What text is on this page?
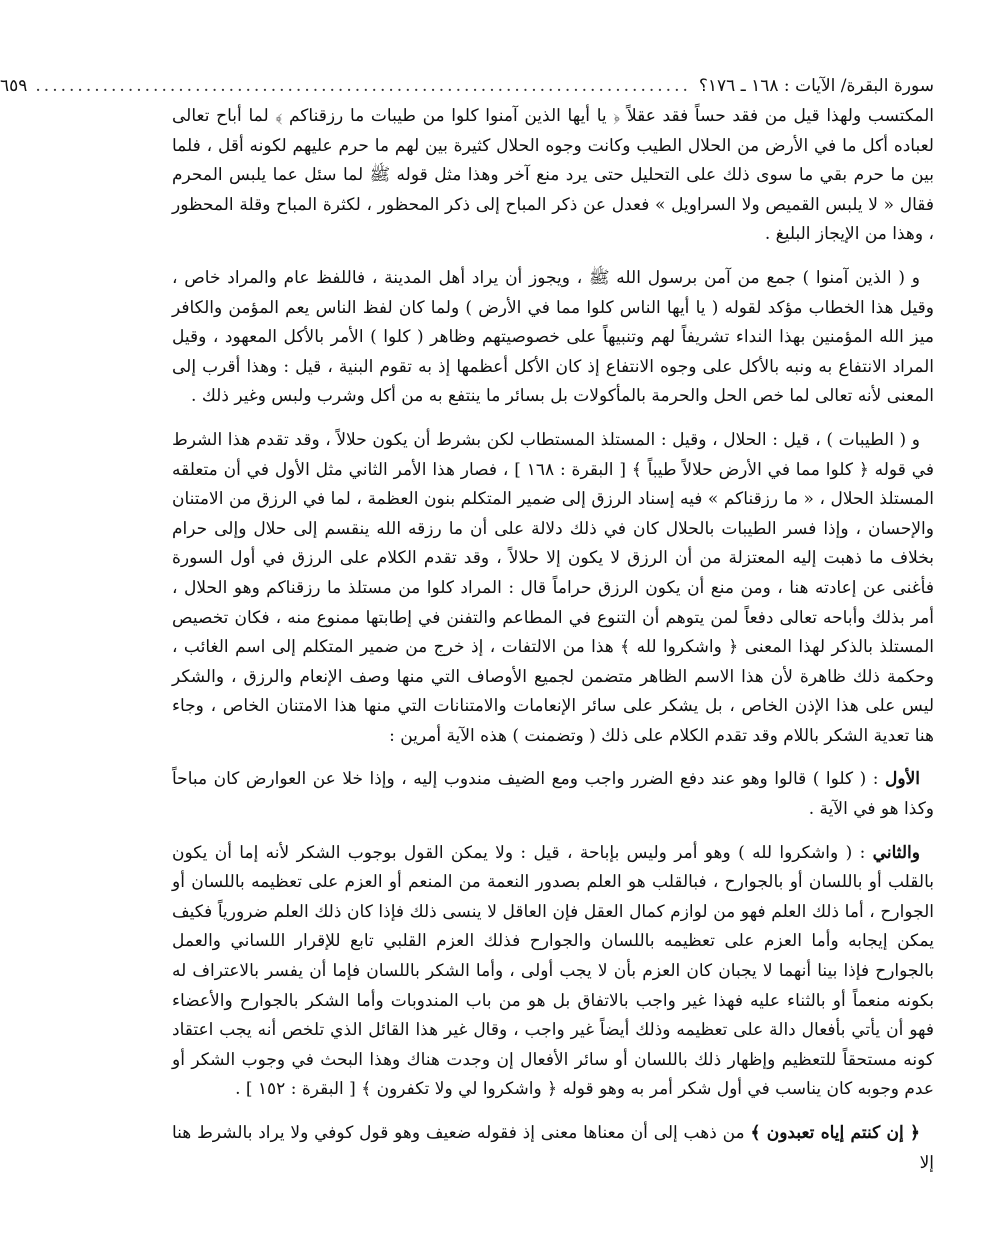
سورة البقرة/ الآيات : ١٦٨ ـ ١٧٦؟
..............................................................................
٦٥٩

المكتسب ولهذا قيل من فقد حساً فقد عقلاً ﴿ يا أيها الذين آمنوا كلوا من طيبات ما رزقناكم ﴾ لما أباح تعالى لعباده أكل ما في الأرض من الحلال الطيب وكانت وجوه الحلال كثيرة بين لهم ما حرم عليهم لكونه أقل ، فلما بين ما حرم بقي ما سوى ذلك على التحليل حتى يرد منع آخر وهذا مثل قوله ﷺ لما سئل عما يلبس المحرم فقال « لا يلبس القميص ولا السراويل » فعدل عن ذكر المباح إلى ذكر المحظور ، لكثرة المباح وقلة المحظور ، وهذا من الإيجاز البليغ .

و ( الذين آمنوا ) جمع من آمن برسول الله ﷺ ، ويجوز أن يراد أهل المدينة ، فاللفظ عام والمراد خاص ، وقيل هذا الخطاب مؤكد لقوله ( يا أيها الناس كلوا مما في الأرض ) ولما كان لفظ الناس يعم المؤمن والكافر ميز الله المؤمنين بهذا النداء تشريفاً لهم وتنبيهاً على خصوصيتهم وظاهر ( كلوا ) الأمر بالأكل المعهود ، وقيل المراد الانتفاع به ونبه بالأكل على وجوه الانتفاع إذ كان الأكل أعظمها إذ به تقوم البنية ، قيل : وهذا أقرب إلى المعنى لأنه تعالى لما خص الحل والحرمة بالمأكولات بل بسائر ما ينتفع به من أكل وشرب ولبس وغير ذلك .

و ( الطيبات ) ، قيل : الحلال ، وقيل : المستلذ المستطاب لكن بشرط أن يكون حلالاً ، وقد تقدم هذا الشرط في قوله ﴿ كلوا مما في الأرض حلالاً طيباً ﴾ [ البقرة : ١٦٨ ] ، فصار هذا الأمر الثاني مثل الأول في أن متعلقه المستلذ الحلال ، « ما رزقناكم » فيه إسناد الرزق إلى ضمير المتكلم بنون العظمة ، لما في الرزق من الامتنان والإحسان ، وإذا فسر الطيبات بالحلال كان في ذلك دلالة على أن ما رزقه الله ينقسم إلى حلال وإلى حرام بخلاف ما ذهبت إليه المعتزلة من أن الرزق لا يكون إلا حلالاً ، وقد تقدم الكلام على الرزق في أول السورة فأغنى عن إعادته هنا ، ومن منع أن يكون الرزق حراماً قال : المراد كلوا من مستلذ ما رزقناكم وهو الحلال ، أمر بذلك وأباحه تعالى دفعاً لمن يتوهم أن التنوع في المطاعم والتفنن في إطابتها ممنوع منه ، فكان تخصيص المستلذ بالذكر لهذا المعنى ﴿ واشكروا لله ﴾ هذا من الالتفات ، إذ خرج من ضمير المتكلم إلى اسم الغائب ، وحكمة ذلك ظاهرة لأن هذا الاسم الظاهر متضمن لجميع الأوصاف التي منها وصف الإنعام والرزق ، والشكر ليس على هذا الإذن الخاص ، بل يشكر على سائر الإنعامات والامتنانات التي منها هذا الامتنان الخاص ، وجاء هنا تعدية الشكر باللام وقد تقدم الكلام على ذلك ( وتضمنت ) هذه الآية أمرين :

الأول : ( كلوا ) قالوا وهو عند دفع الضرر واجب ومع الضيف مندوب إليه ، وإذا خلا عن العوارض كان مباحاً وكذا هو في الآية .

والثاني : ( واشكروا لله ) وهو أمر وليس بإباحة ، قيل : ولا يمكن القول بوجوب الشكر لأنه إما أن يكون بالقلب أو باللسان أو بالجوارح ، فبالقلب هو العلم بصدور النعمة من المنعم أو العزم على تعظيمه باللسان أو الجوارح ، أما ذلك العلم فهو من لوازم كمال العقل فإن العاقل لا ينسى ذلك فإذا كان ذلك العلم ضرورياً فكيف يمكن إيجابه وأما العزم على تعظيمه باللسان والجوارح فذلك العزم القلبي تابع للإقرار اللساني والعمل بالجوارح فإذا بينا أنهما لا يجبان كان العزم بأن لا يجب أولى ، وأما الشكر باللسان فإما أن يفسر بالاعتراف له بكونه منعماً أو بالثناء عليه فهذا غير واجب بالاتفاق بل هو من باب المندوبات وأما الشكر بالجوارح والأعضاء فهو أن يأتي بأفعال دالة على تعظيمه وذلك أيضاً غير واجب ، وقال غير هذا القائل الذي تلخص أنه يجب اعتقاد كونه مستحقاً للتعظيم وإظهار ذلك باللسان أو سائر الأفعال إن وجدت هناك وهذا البحث في وجوب الشكر أو عدم وجوبه كان يناسب في أول شكر أمر به وهو قوله ﴿ واشكروا لي ولا تكفرون ﴾ [ البقرة : ١٥٢ ] .

﴿ إن كنتم إياه تعبدون ﴾ من ذهب إلى أن معناها معنى إذ فقوله ضعيف وهو قول كوفي ولا يراد بالشرط هنا إلا
